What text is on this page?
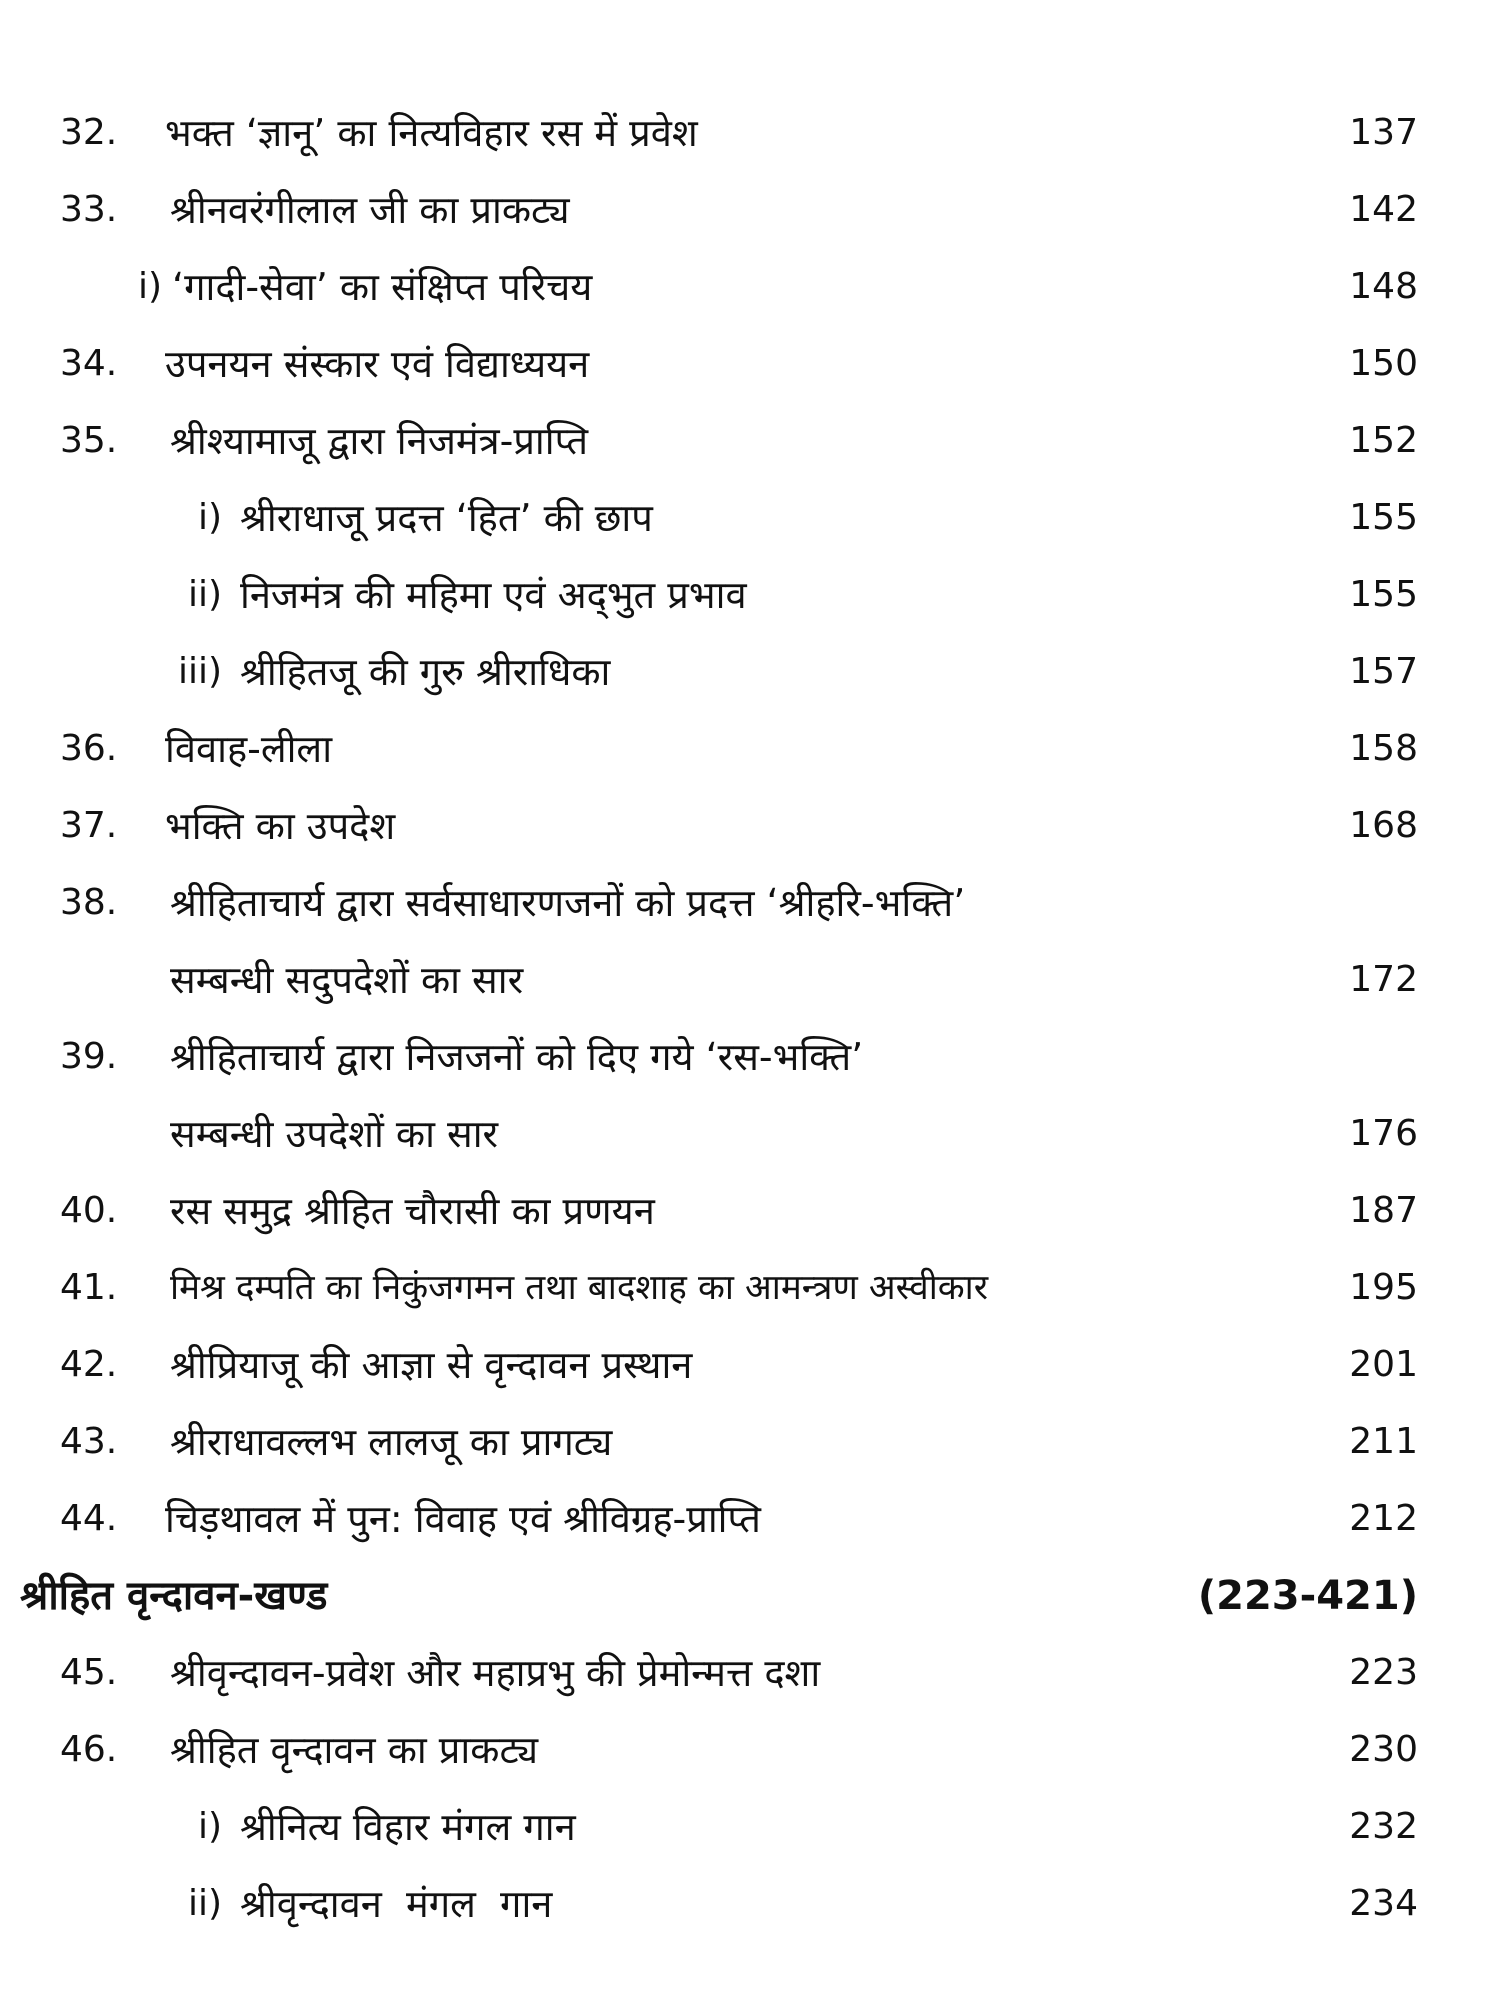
32.	भक्त ‘ज्ञानू’ का नित्यविहार रस में प्रवेश	137
33.	श्रीनवरंगीलाल जी का प्राकट्य	142
i) ‘गादी-सेवा’ का संक्षिप्त परिचय	148
34.	उपनयन संस्कार एवं विद्याध्ययन	150
35.	श्रीश्यामाजू द्वारा निजमंत्र-प्राप्ति	152
i) श्रीराधाजू प्रदत्त ‘हित’ की छाप	155
ii) निजमंत्र की महिमा एवं अद्‌भुत प्रभाव	155
iii) श्रीहितजू की गुरु श्रीराधिका	157
36.	विवाह-लीला	158
37.	भक्ति का उपदेश	168
38.	श्रीहिताचार्य द्वारा सर्वसाधारणजनों को प्रदत्त ‘श्रीहरि-भक्ति’
सम्बन्धी सदुपदेशों का सार	172
39.	श्रीहिताचार्य द्वारा निजजनों को दिए गये ‘रस-भक्ति’
सम्बन्धी उपदेशों का सार	176
40.	रस समुद्र श्रीहित चौरासी का प्रणयन	187
41.	मिश्र दम्पति का निकुंजगमन तथा बादशाह का आमन्त्रण अस्वीकार	195
42.	श्रीप्रियाजू की आज्ञा से वृन्दावन प्रस्थान	201
43.	श्रीराधावल्लभ लालजू का प्रागट्य	211
44.	चिड़थावल में पुन: विवाह एवं श्रीविग्रह-प्राप्ति	212
श्रीहित वृन्दावन-खण्ड	(223-421)
45.	श्रीवृन्दावन-प्रवेश और महाप्रभु की प्रेमोन्मत्त दशा	223
46.	श्रीहित वृन्दावन का प्राकट्य	230
i) श्रीनित्य विहार मंगल गान	232
ii) श्रीवृन्दावन  मंगल  गान	234
